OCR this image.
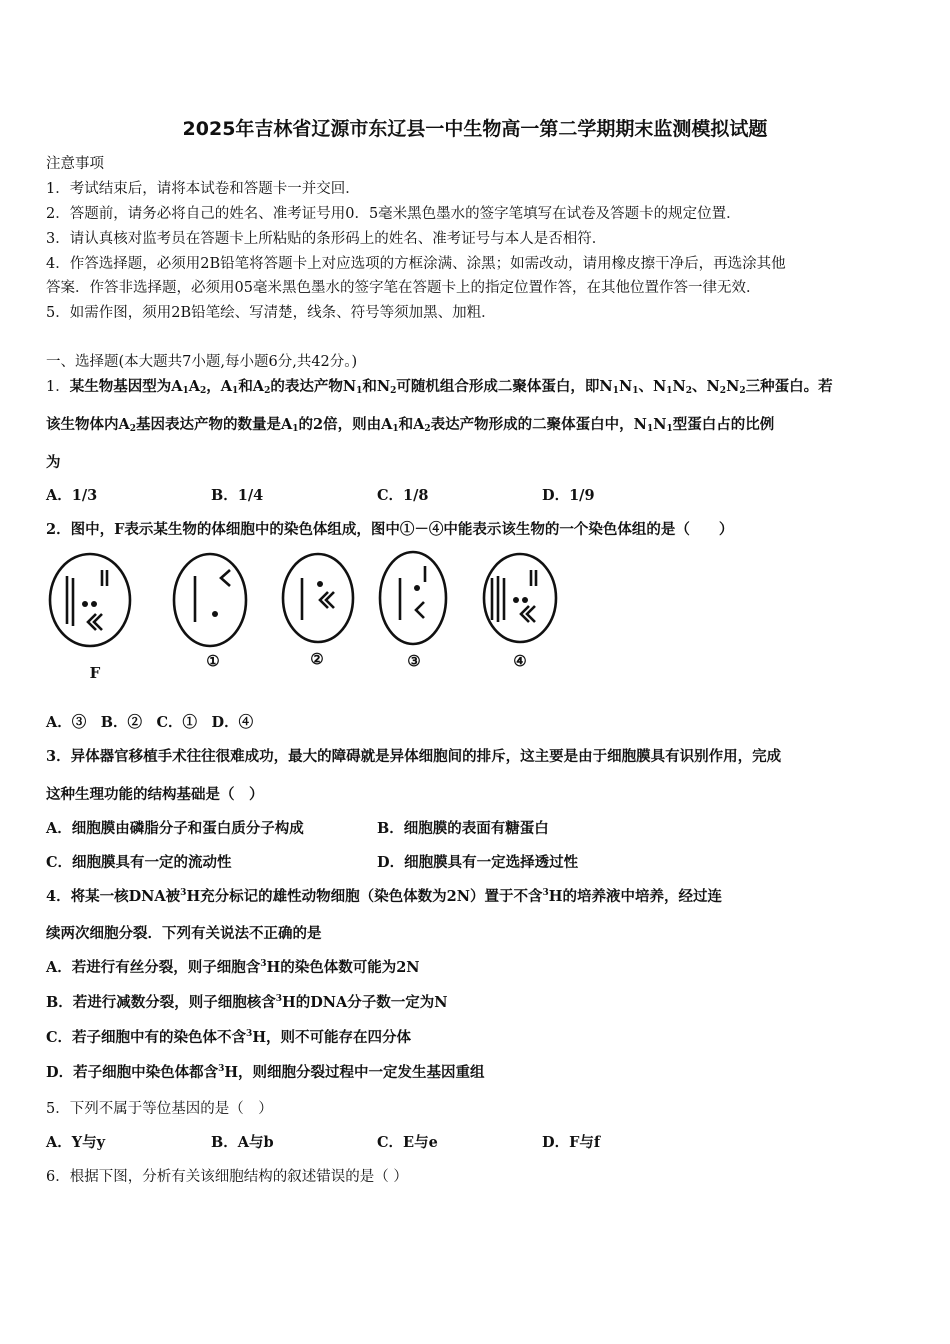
2025年吉林省辽源市东辽县一中生物高一第二学期期末监测模拟试题
注意事项
1．考试结束后，请将本试卷和答题卡一并交回．
2．答题前，请务必将自己的姓名、准考证号用0．5毫米黑色墨水的签字笔填写在试卷及答题卡的规定位置．
3．请认真核对监考员在答题卡上所粘贴的条形码上的姓名、准考证号与本人是否相符．
4．作答选择题，必须用2B铅笔将答题卡上对应选项的方框涂满、涂黑；如需改动，请用橡皮擦干净后，再选涂其他
答案．作答非选择题，必须用05毫米黑色墨水的签字笔在答题卡上的指定位置作答，在其他位置作答一律无效．
5．如需作图，须用2B铅笔绘、写清楚，线条、符号等须加黑、加粗．
一、选择题(本大题共7小题,每小题6分,共42分。)
1．某生物基因型为$A_1A_2$，$A_1$和$A_2$的表达产物$N_1$和$N_2$可随机组合形成二聚体蛋白，即$N_1N_1$、$N_1N_2$、$N_2N_2$三种蛋白。若
该生物体内$A_2$基因表达产物的数量是$A_1$的2倍，则由$A_1$和$A_2$表达产物形成的二聚体蛋白中，$N_1N_1$型蛋白占的比例
为
A．1/3	B．1/4	C．1/8	D．1/9
2．图中，F表示某生物的体细胞中的染色体组成，图中①－④中能表示该生物的一个染色体组的是（　　）
F
①	②	③	④
A．③　B．②　C．①　D．④
3．异体器官移植手术往往很难成功，最大的障碍就是异体细胞间的排斥，这主要是由于细胞膜具有识别作用，完成
这种生理功能的结构基础是（　）
A．细胞膜由磷脂分子和蛋白质分子构成	B．细胞膜的表面有糖蛋白
C．细胞膜具有一定的流动性	D．细胞膜具有一定选择透过性
4．将某一核DNA被$^3$H充分标记的雄性动物细胞（染色体数为2N）置于不含$^3$H的培养液中培养，经过连
续两次细胞分裂．下列有关说法不正确的是
A．若进行有丝分裂，则子细胞含$^3$H的染色体数可能为2N
B．若进行减数分裂，则子细胞核含$^3$H的DNA分子数一定为N
C．若子细胞中有的染色体不含$^3$H，则不可能存在四分体
D．若子细胞中染色体都含$^3$H，则细胞分裂过程中一定发生基因重组
5．下列不属于等位基因的是（　）
A．Y与y	B．A与b	C．E与e	D．F与f
6．根据下图，分析有关该细胞结构的叙述错误的是（ ）
